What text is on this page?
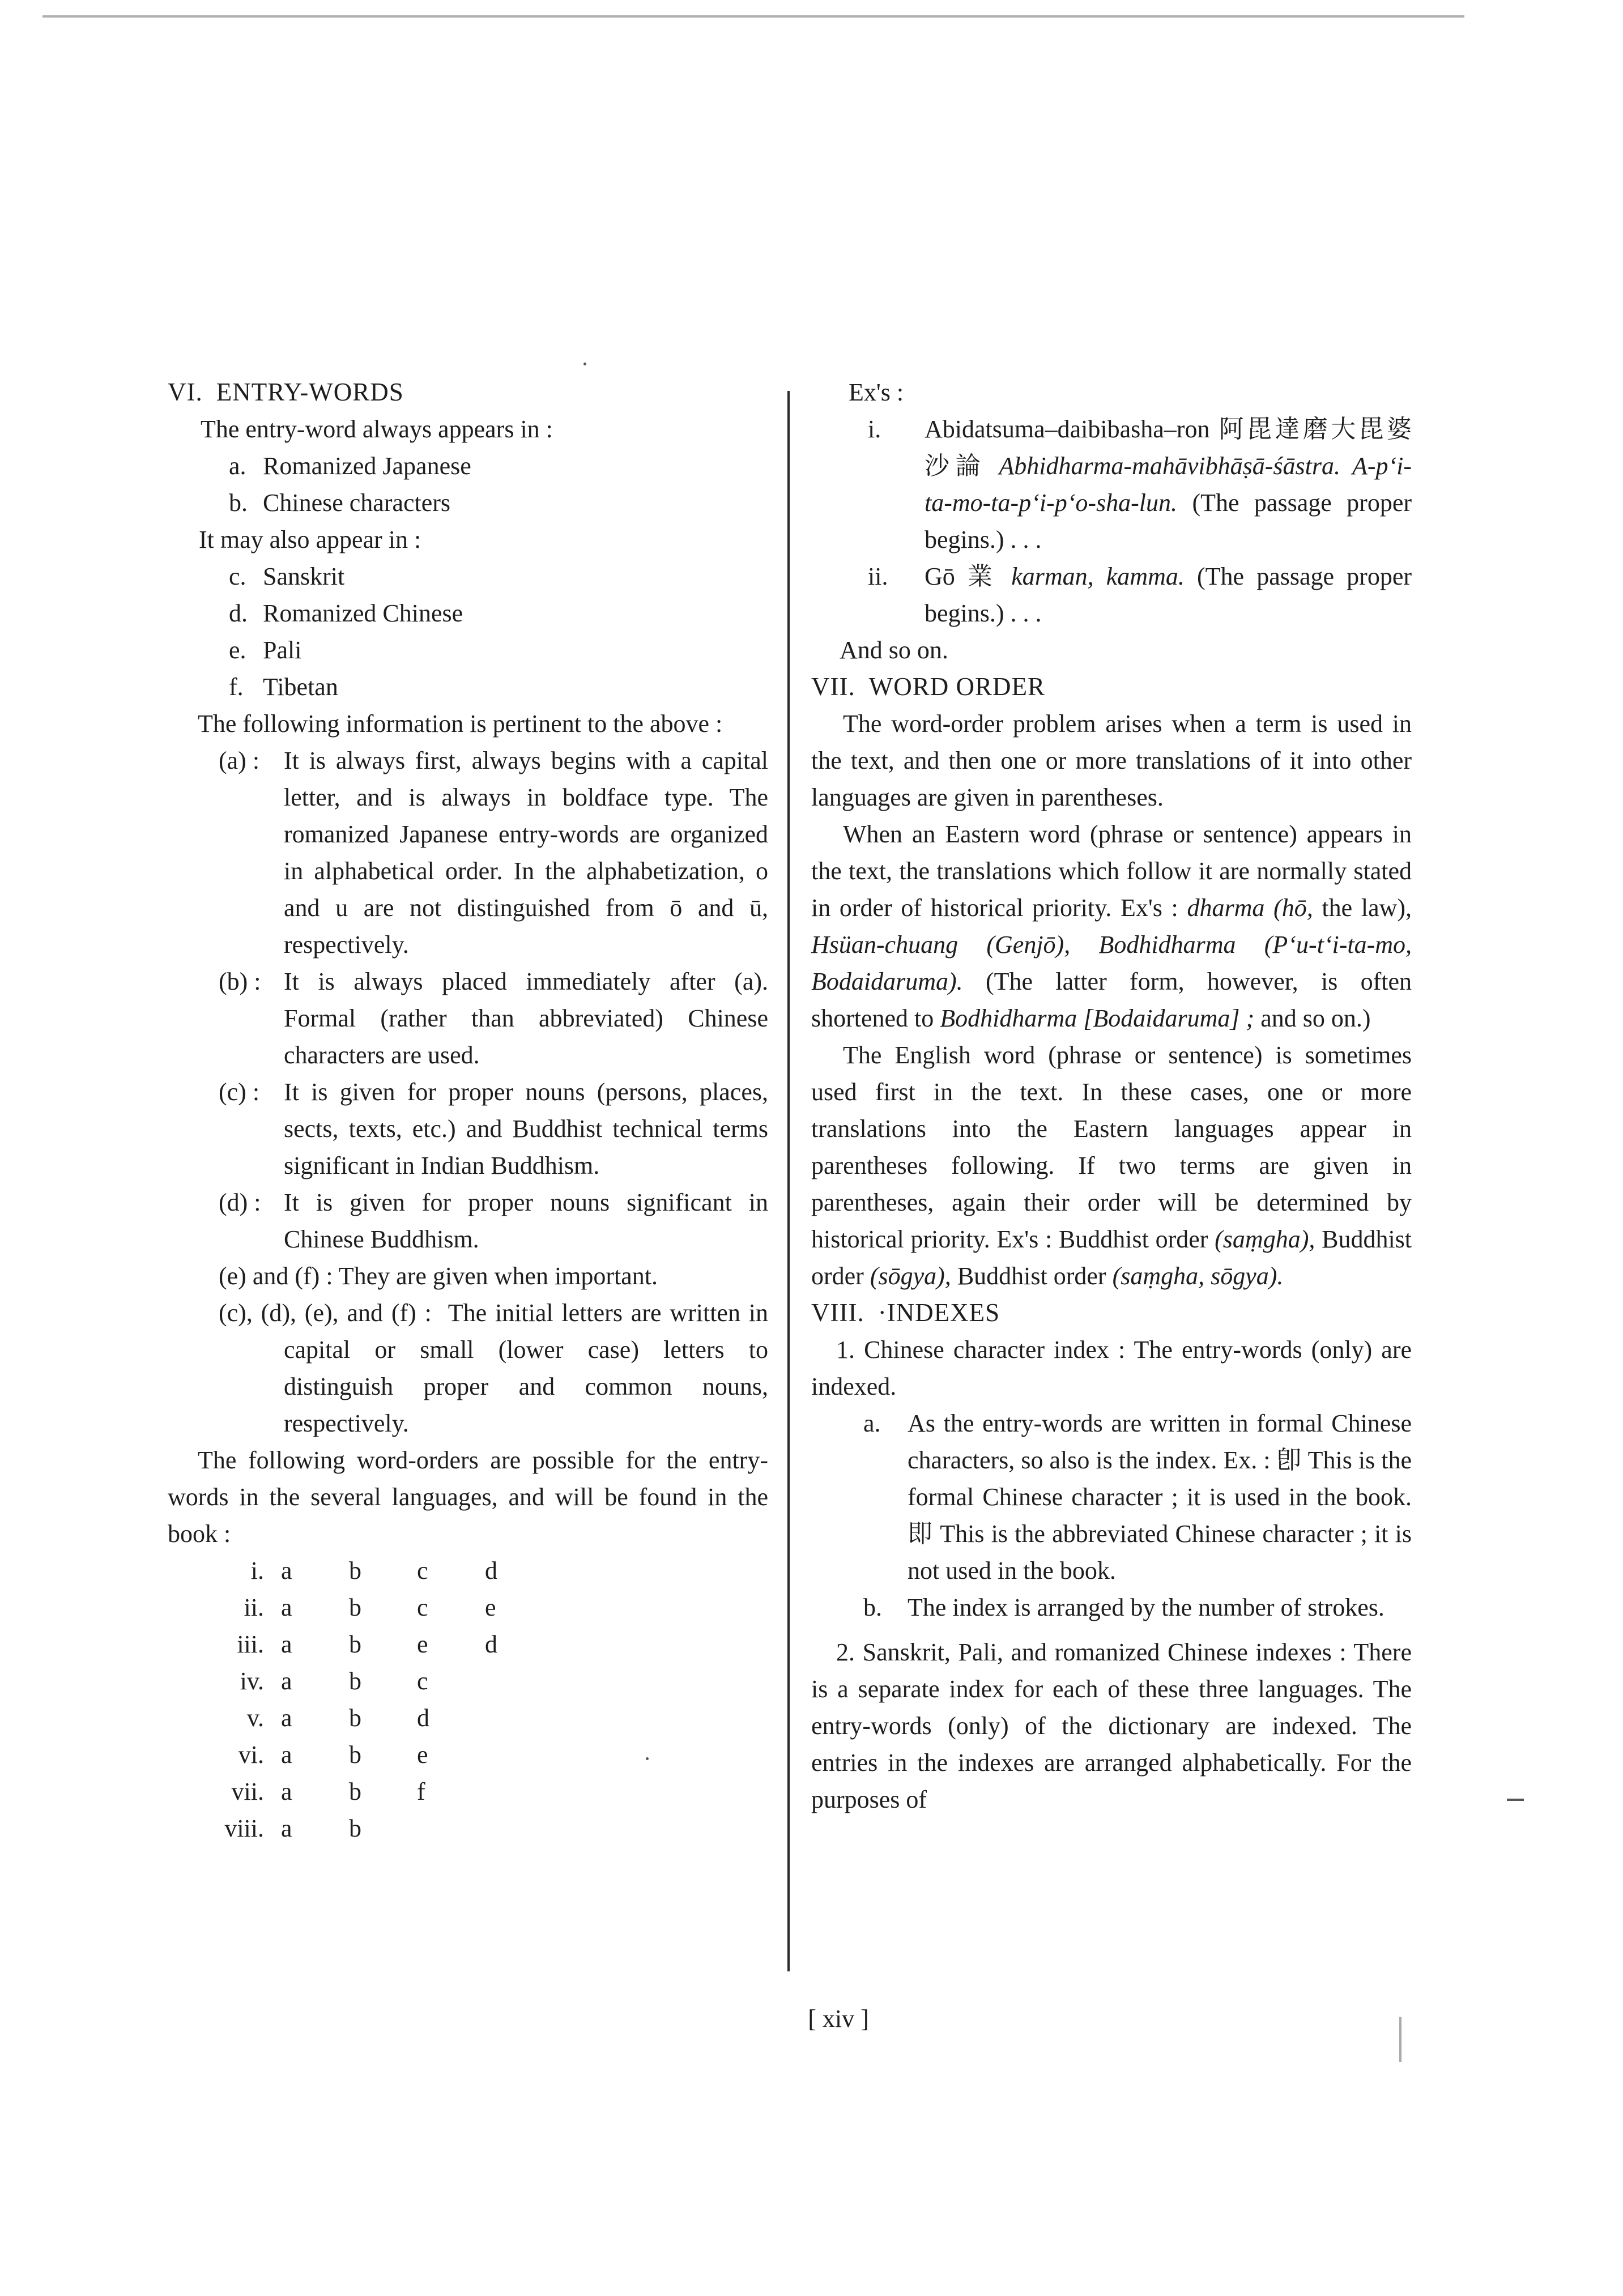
VI. ENTRY-WORDS

The entry-word always appears in :

a. Romanized Japanese

b. Chinese characters

It may also appear in :

c. Sanskrit

d. Romanized Chinese

e. Pali

f. Tibetan

The following information is pertinent to the above :

(a) : It is always first, always begins with a capital letter, and is always in boldface type. The romanized Japanese entry-words are organized in alphabetical order. In the alphabetization, o and u are not distinguished from ō and ū, respectively.

(b) : It is always placed immediately after (a). Formal (rather than abbreviated) Chinese characters are used.

(c) : It is given for proper nouns (persons, places, sects, texts, etc.) and Buddhist technical terms significant in Indian Buddhism.

(d) : It is given for proper nouns significant in Chinese Buddhism.

(e) and (f) : They are given when important.

(c), (d), (e), and (f) : The initial letters are written in capital or small (lower case) letters to distinguish proper and common nouns, respectively.

The following word-orders are possible for the entry-words in the several languages, and will be found in the book :

i.	a	b	c	d
ii.	a	b	c	e
iii.	a	b	e	d
iv.	a	b	c	
v.	a	b	d	
vi.	a	b	e	
vii.	a	b	f	
viii.	a	b		

Ex's :

i. Abidatsuma–daibibasha–ron 阿毘達磨大毘婆沙論 Abhidharma-mahāvibhāṣā-śāstra. A-p‘i-ta-mo-ta-p‘i-p‘o-sha-lun. (The passage proper begins.) . . .

ii. Gō 業 karman, kamma. (The passage proper begins.) . . .

And so on.

VII. WORD ORDER

The word-order problem arises when a term is used in the text, and then one or more translations of it into other languages are given in parentheses.

When an Eastern word (phrase or sentence) appears in the text, the translations which follow it are normally stated in order of historical priority. Ex's : dharma (hō, the law), Hsüan-chuang (Genjō), Bodhidharma (P‘u-t‘i-ta-mo, Bodaidaruma). (The latter form, however, is often shortened to Bodhidharma [Bodaidaruma] ; and so on.)

The English word (phrase or sentence) is sometimes used first in the text. In these cases, one or more translations into the Eastern languages appear in parentheses following. If two terms are given in parentheses, again their order will be determined by historical priority. Ex's : Buddhist order (saṃgha), Buddhist order (sōgya), Buddhist order (saṃgha, sōgya).

VIII. ·INDEXES

1. Chinese character index : The entry-words (only) are indexed.

a. As the entry-words are written in formal Chinese characters, so also is the index. Ex. : 卽 This is the formal Chinese character ; it is used in the book. 即 This is the abbreviated Chinese character ; it is not used in the book.

b. The index is arranged by the number of strokes.

2. Sanskrit, Pali, and romanized Chinese indexes : There is a separate index for each of these three languages. The entry-words (only) of the dictionary are indexed. The entries in the indexes are arranged alphabetically. For the purposes of

[ xiv ]
